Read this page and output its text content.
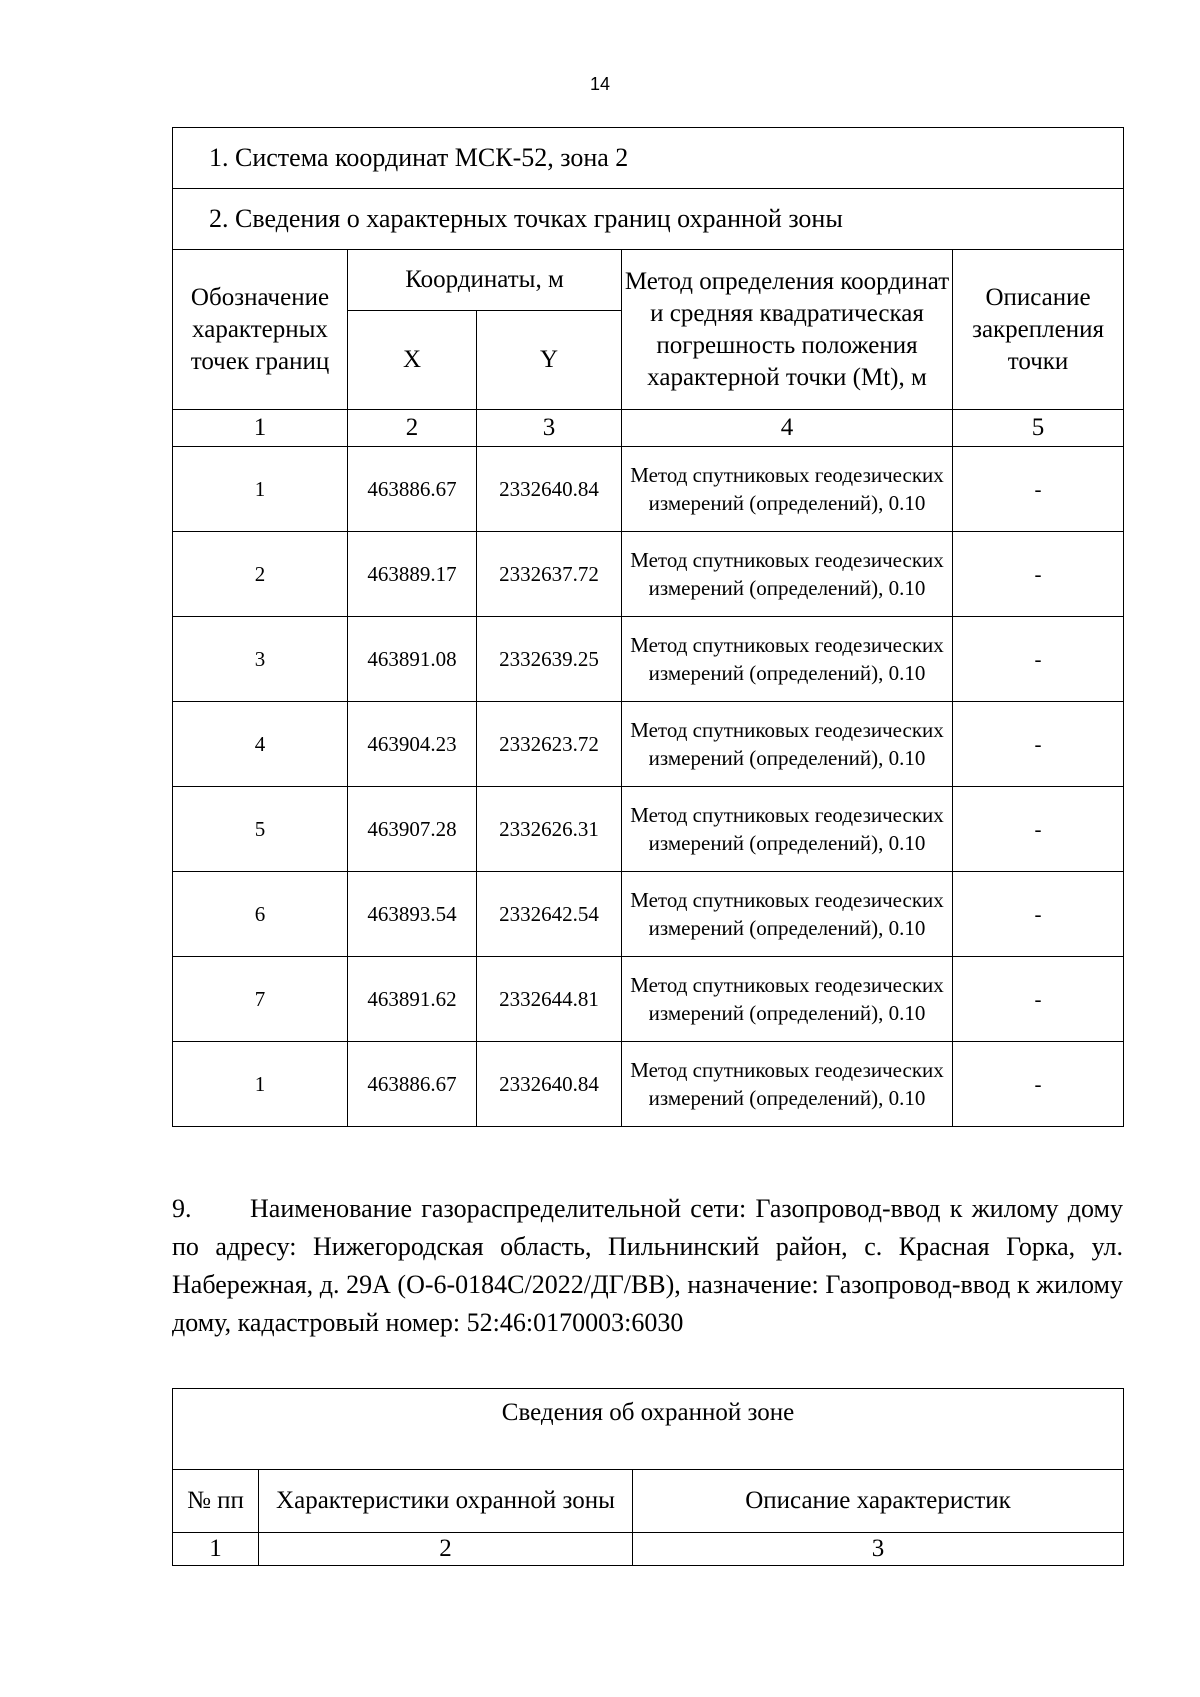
14
1. Система координат МСК-52, зона 2				
2. Сведения о характерных точках границ охранной зоны				
Обозначение характерных точек границ	Координаты, м		Метод определения координат и средняя квадратическая погрешность положения характерной точки (Mt), м	Описание закрепления точки
	X	Y		
1	2	3	4	5
1	463886.67	2332640.84	Метод спутниковых геодезических измерений (определений), 0.10	-
2	463889.17	2332637.72	Метод спутниковых геодезических измерений (определений), 0.10	-
3	463891.08	2332639.25	Метод спутниковых геодезических измерений (определений), 0.10	-
4	463904.23	2332623.72	Метод спутниковых геодезических измерений (определений), 0.10	-
5	463907.28	2332626.31	Метод спутниковых геодезических измерений (определений), 0.10	-
6	463893.54	2332642.54	Метод спутниковых геодезических измерений (определений), 0.10	-
7	463891.62	2332644.81	Метод спутниковых геодезических измерений (определений), 0.10	-
1	463886.67	2332640.84	Метод спутниковых геодезических измерений (определений), 0.10	-
9. Наименование газораспределительной сети: Газопровод-ввод к жилому дому по адресу: Нижегородская область, Пильнинский район, с. Красная Горка, ул. Набережная, д. 29А (О-6-0184С/2022/ДГ/ВВ), назначение: Газопровод-ввод к жилому дому, кадастровый номер: 52:46:0170003:6030
Сведения об охранной зоне		
№ пп	Характеристики охранной зоны	Описание характеристик
1	2	3
